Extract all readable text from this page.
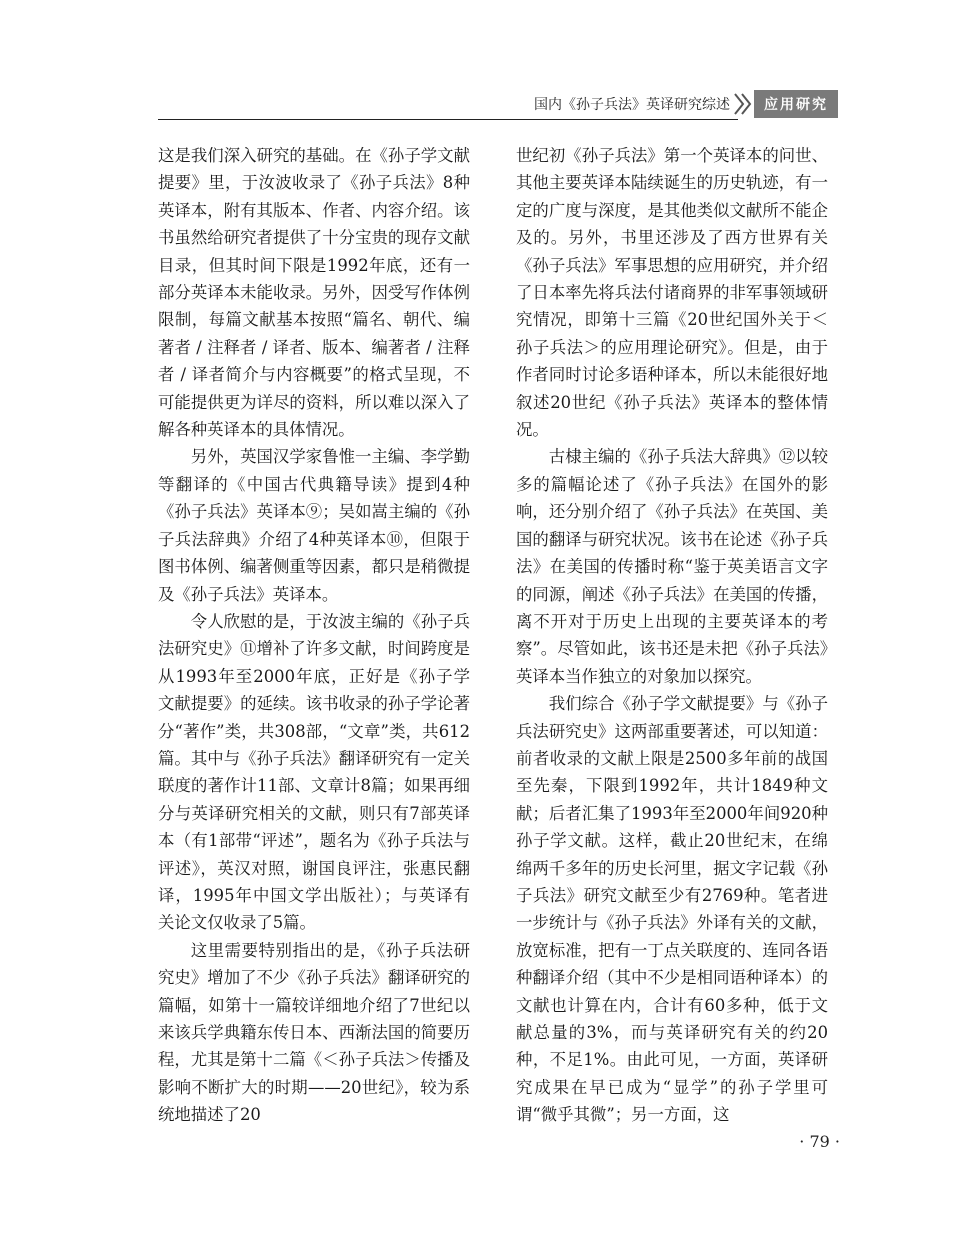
国内《孙子兵法》英译研究综述	应用研究

这是我们深入研究的基础。在《孙子学文献提要》里，于汝波收录了《孙子兵法》8种英译本，附有其版本、作者、内容介绍。该书虽然给研究者提供了十分宝贵的现存文献目录，但其时间下限是1992年底，还有一部分英译本未能收录。另外，因受写作体例限制，每篇文献基本按照“篇名、朝代、编著者 / 注释者 / 译者、版本、编著者 / 注释者 / 译者简介与内容概要”的格式呈现，不可能提供更为详尽的资料，所以难以深入了解各种英译本的具体情况。

另外，英国汉学家鲁惟一主编、李学勤等翻译的《中国古代典籍导读》提到4种《孙子兵法》英译本⑨；吴如嵩主编的《孙子兵法辞典》介绍了4种英译本⑩，但限于图书体例、编著侧重等因素，都只是稍微提及《孙子兵法》英译本。

令人欣慰的是，于汝波主编的《孙子兵法研究史》⑪增补了许多文献，时间跨度是从1993年至2000年底，正好是《孙子学文献提要》的延续。该书收录的孙子学论著分“著作”类，共308部，“文章”类，共612篇。其中与《孙子兵法》翻译研究有一定关联度的著作计11部、文章计8篇；如果再细分与英译研究相关的文献，则只有7部英译本（有1部带“评述”，题名为《孙子兵法与评述》，英汉对照，谢国良评注，张惠民翻译，1995年中国文学出版社）；与英译有关论文仅收录了5篇。

这里需要特别指出的是，《孙子兵法研究史》增加了不少《孙子兵法》翻译研究的篇幅，如第十一篇较详细地介绍了7世纪以来该兵学典籍东传日本、西渐法国的简要历程，尤其是第十二篇《＜孙子兵法＞传播及影响不断扩大的时期——20世纪》，较为系统地描述了20

世纪初《孙子兵法》第一个英译本的问世、其他主要英译本陆续诞生的历史轨迹，有一定的广度与深度，是其他类似文献所不能企及的。另外，书里还涉及了西方世界有关《孙子兵法》军事思想的应用研究，并介绍了日本率先将兵法付诸商界的非军事领域研究情况，即第十三篇《20世纪国外关于＜孙子兵法＞的应用理论研究》。但是，由于作者同时讨论多语种译本，所以未能很好地叙述20世纪《孙子兵法》英译本的整体情况。

古棣主编的《孙子兵法大辞典》⑫以较多的篇幅论述了《孙子兵法》在国外的影响，还分别介绍了《孙子兵法》在英国、美国的翻译与研究状况。该书在论述《孙子兵法》在美国的传播时称“鉴于英美语言文字的同源，阐述《孙子兵法》在美国的传播，离不开对于历史上出现的主要英译本的考察”。尽管如此，该书还是未把《孙子兵法》英译本当作独立的对象加以探究。

我们综合《孙子学文献提要》与《孙子兵法研究史》这两部重要著述，可以知道：前者收录的文献上限是2500多年前的战国至先秦，下限到1992年，共计1849种文献；后者汇集了1993年至2000年间920种孙子学文献。这样，截止20世纪末，在绵绵两千多年的历史长河里，据文字记载《孙子兵法》研究文献至少有2769种。笔者进一步统计与《孙子兵法》外译有关的文献，放宽标准，把有一丁点关联度的、连同各语种翻译介绍（其中不少是相同语种译本）的文献也计算在内，合计有60多种，低于文献总量的3%，而与英译研究有关的约20种，不足1%。由此可见，一方面，英译研究成果在早已成为“显学”的孙子学里可谓“微乎其微”；另一方面，这

· 79 ·
